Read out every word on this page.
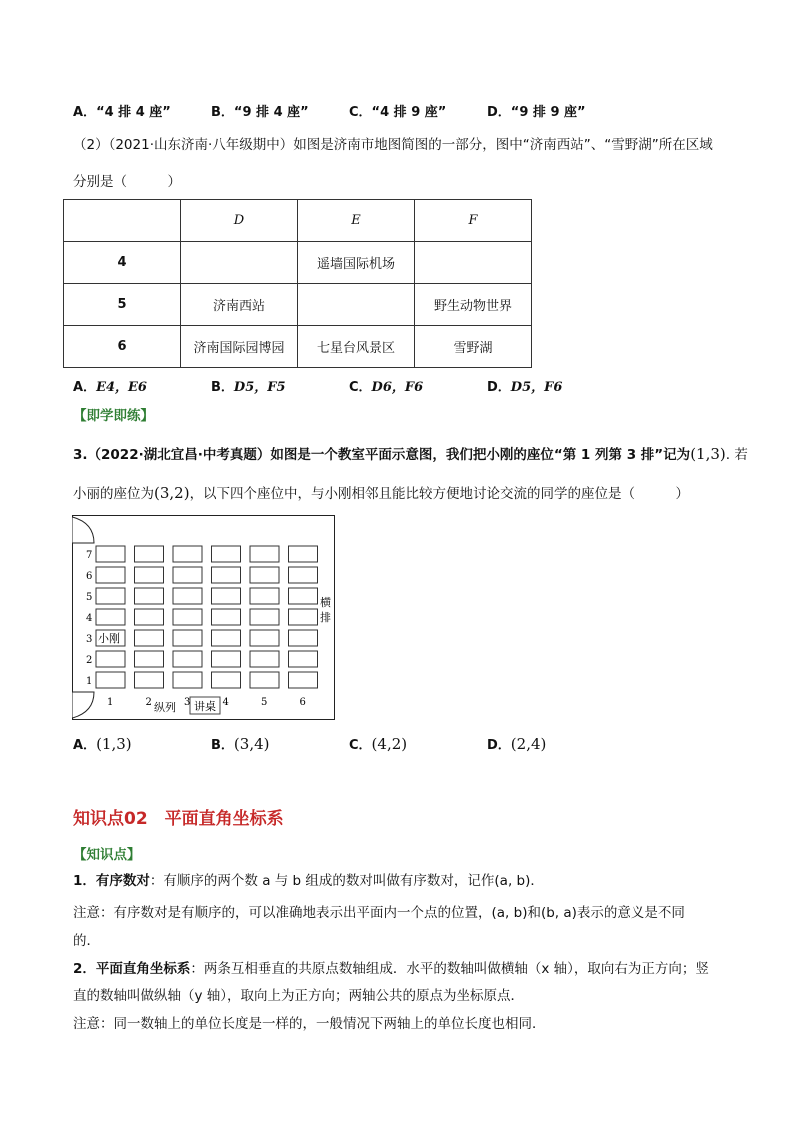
A．“4 排 4 座”	B．“9 排 4 座”	C．“4 排 9 座”	D．“9 排 9 座”
（2）（2021·山东济南·八年级期中）如图是济南市地图简图的一部分，图中“济南西站”、“雪野湖”所在区域
分别是（　　　）
	D	E	F
4		遥墙国际机场	
5	济南西站		野生动物世界
6	济南国际园博园	七星台风景区	雪野湖
A．E4，E6	B．D5，F5	C．D6，F6	D．D5，F6
【即学即练】
3.（2022·湖北宜昌·中考真题）如图是一个教室平面示意图，我们把小刚的座位“第 1 列第 3 排”记为(1,3). 若
小丽的座位为(3,2)，以下四个座位中，与小刚相邻且能比较方便地讨论交流的同学的座位是（　　　）
小刚
7
6
5
4
3
2
1
1	2	3	4	5	6
纵列 讲桌
横
排
A．(1,3)	B．(3,4)	C．(4,2)	D．(2,4)
知识点02　平面直角坐标系
【知识点】
1．有序数对：有顺序的两个数 a 与 b 组成的数对叫做有序数对，记作(a, b)．
注意：有序数对是有顺序的，可以准确地表示出平面内一个点的位置，(a, b)和(b, a)表示的意义是不同
的．
2．平面直角坐标系：两条互相垂直的共原点数轴组成．水平的数轴叫做横轴（x 轴），取向右为正方向；竖
直的数轴叫做纵轴（y 轴），取向上为正方向；两轴公共的原点为坐标原点．
注意：同一数轴上的单位长度是一样的，一般情况下两轴上的单位长度也相同．
